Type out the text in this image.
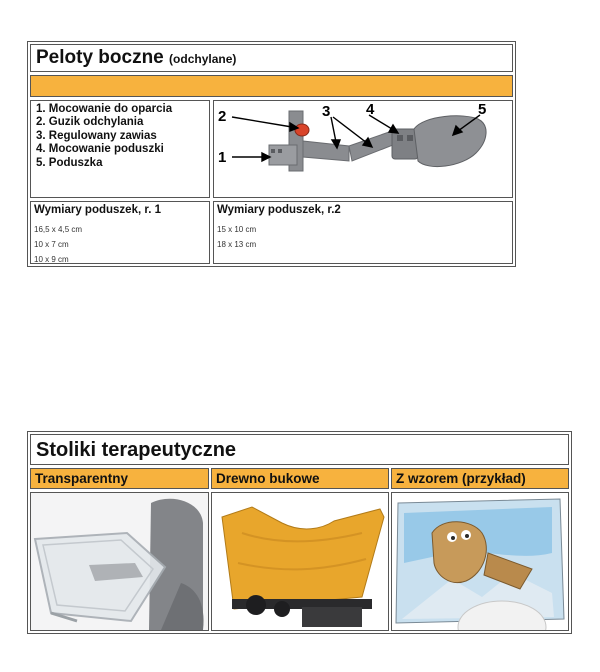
Peloty boczne (odchylane)
1. Mocowanie do oparcia
2. Guzik odchylania
3. Regulowany zawias
4. Mocowanie poduszki
5. Poduszka
2
1
3 4	5
Wymiary poduszek, r. 1
16,5 x 4,5 cm
10 x 7 cm
10 x 9 cm
Wymiary poduszek, r.2
15 x 10 cm
18 x 13 cm
Stoliki terapeutyczne
Transparentny	Drewno bukowe	Z wzorem (przykład)
